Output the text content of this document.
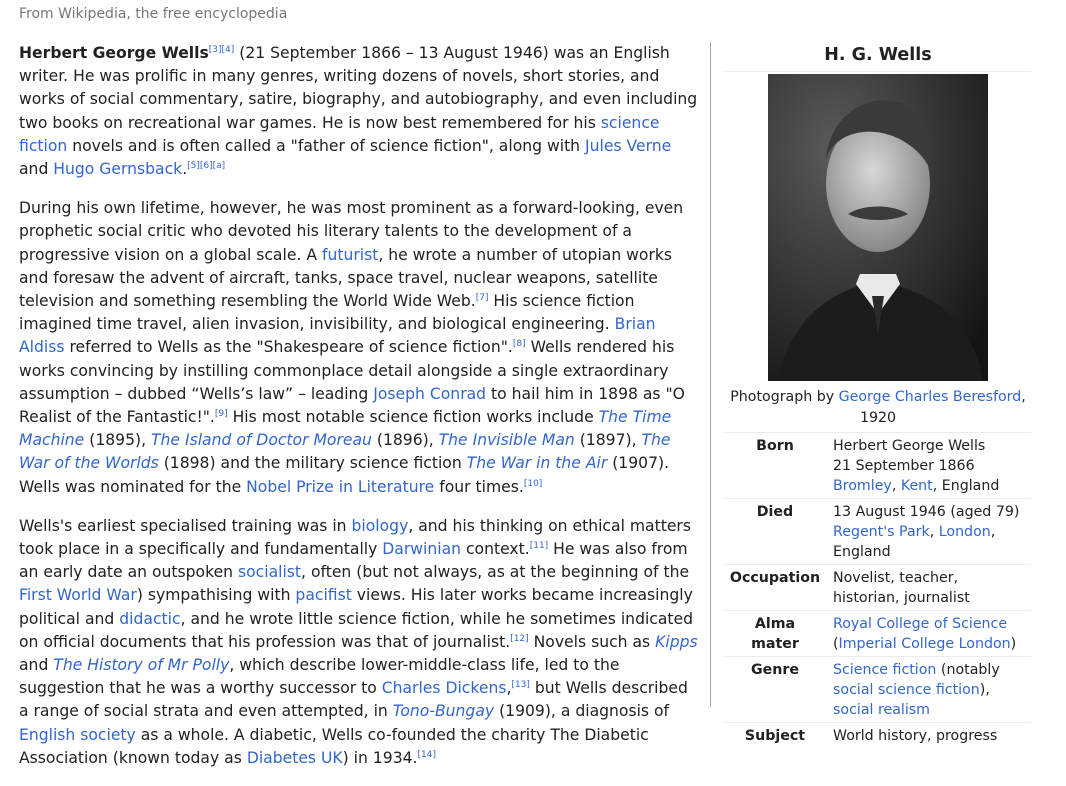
From Wikipedia, the free encyclopedia

Herbert George Wells[3][4] (21 September 1866 – 13 August 1946) was an English writer. He was prolific in many genres, writing dozens of novels, short stories, and works of social commentary, satire, biography, and autobiography, and even including two books on recreational war games. He is now best remembered for his science fiction novels and is often called a "father of science fiction", along with Jules Verne and Hugo Gernsback.[5][6][a]

During his own lifetime, however, he was most prominent as a forward-looking, even prophetic social critic who devoted his literary talents to the development of a progressive vision on a global scale. A futurist, he wrote a number of utopian works and foresaw the advent of aircraft, tanks, space travel, nuclear weapons, satellite television and something resembling the World Wide Web.[7] His science fiction imagined time travel, alien invasion, invisibility, and biological engineering. Brian Aldiss referred to Wells as the "Shakespeare of science fiction".[8] Wells rendered his works convincing by instilling commonplace detail alongside a single extraordinary assumption – dubbed “Wells’s law” – leading Joseph Conrad to hail him in 1898 as "O Realist of the Fantastic!".[9] His most notable science fiction works include The Time Machine (1895), The Island of Doctor Moreau (1896), The Invisible Man (1897), The War of the Worlds (1898) and the military science fiction The War in the Air (1907). Wells was nominated for the Nobel Prize in Literature four times.[10]

Wells's earliest specialised training was in biology, and his thinking on ethical matters took place in a specifically and fundamentally Darwinian context.[11] He was also from an early date an outspoken socialist, often (but not always, as at the beginning of the First World War) sympathising with pacifist views. His later works became increasingly political and didactic, and he wrote little science fiction, while he sometimes indicated on official documents that his profession was that of journalist.[12] Novels such as Kipps and The History of Mr Polly, which describe lower-middle-class life, led to the suggestion that he was a worthy successor to Charles Dickens,[13] but Wells described a range of social strata and even attempted, in Tono-Bungay (1909), a diagnosis of English society as a whole. A diabetic, Wells co-founded the charity The Diabetic Association (known today as Diabetes UK) in 1934.[14]

H. G. Wells
Photograph by George Charles Beresford, 1920
Born	Herbert George Wells
21 September 1866
Bromley, Kent, England

Died	13 August 1946 (aged 79)
Regent's Park, London, England

Occupation	Novelist, teacher, historian, journalist
Alma mater	Royal College of Science
(Imperial College London)
Genre	Science fiction (notably social science fiction), social realism
Subject	World history, progress
